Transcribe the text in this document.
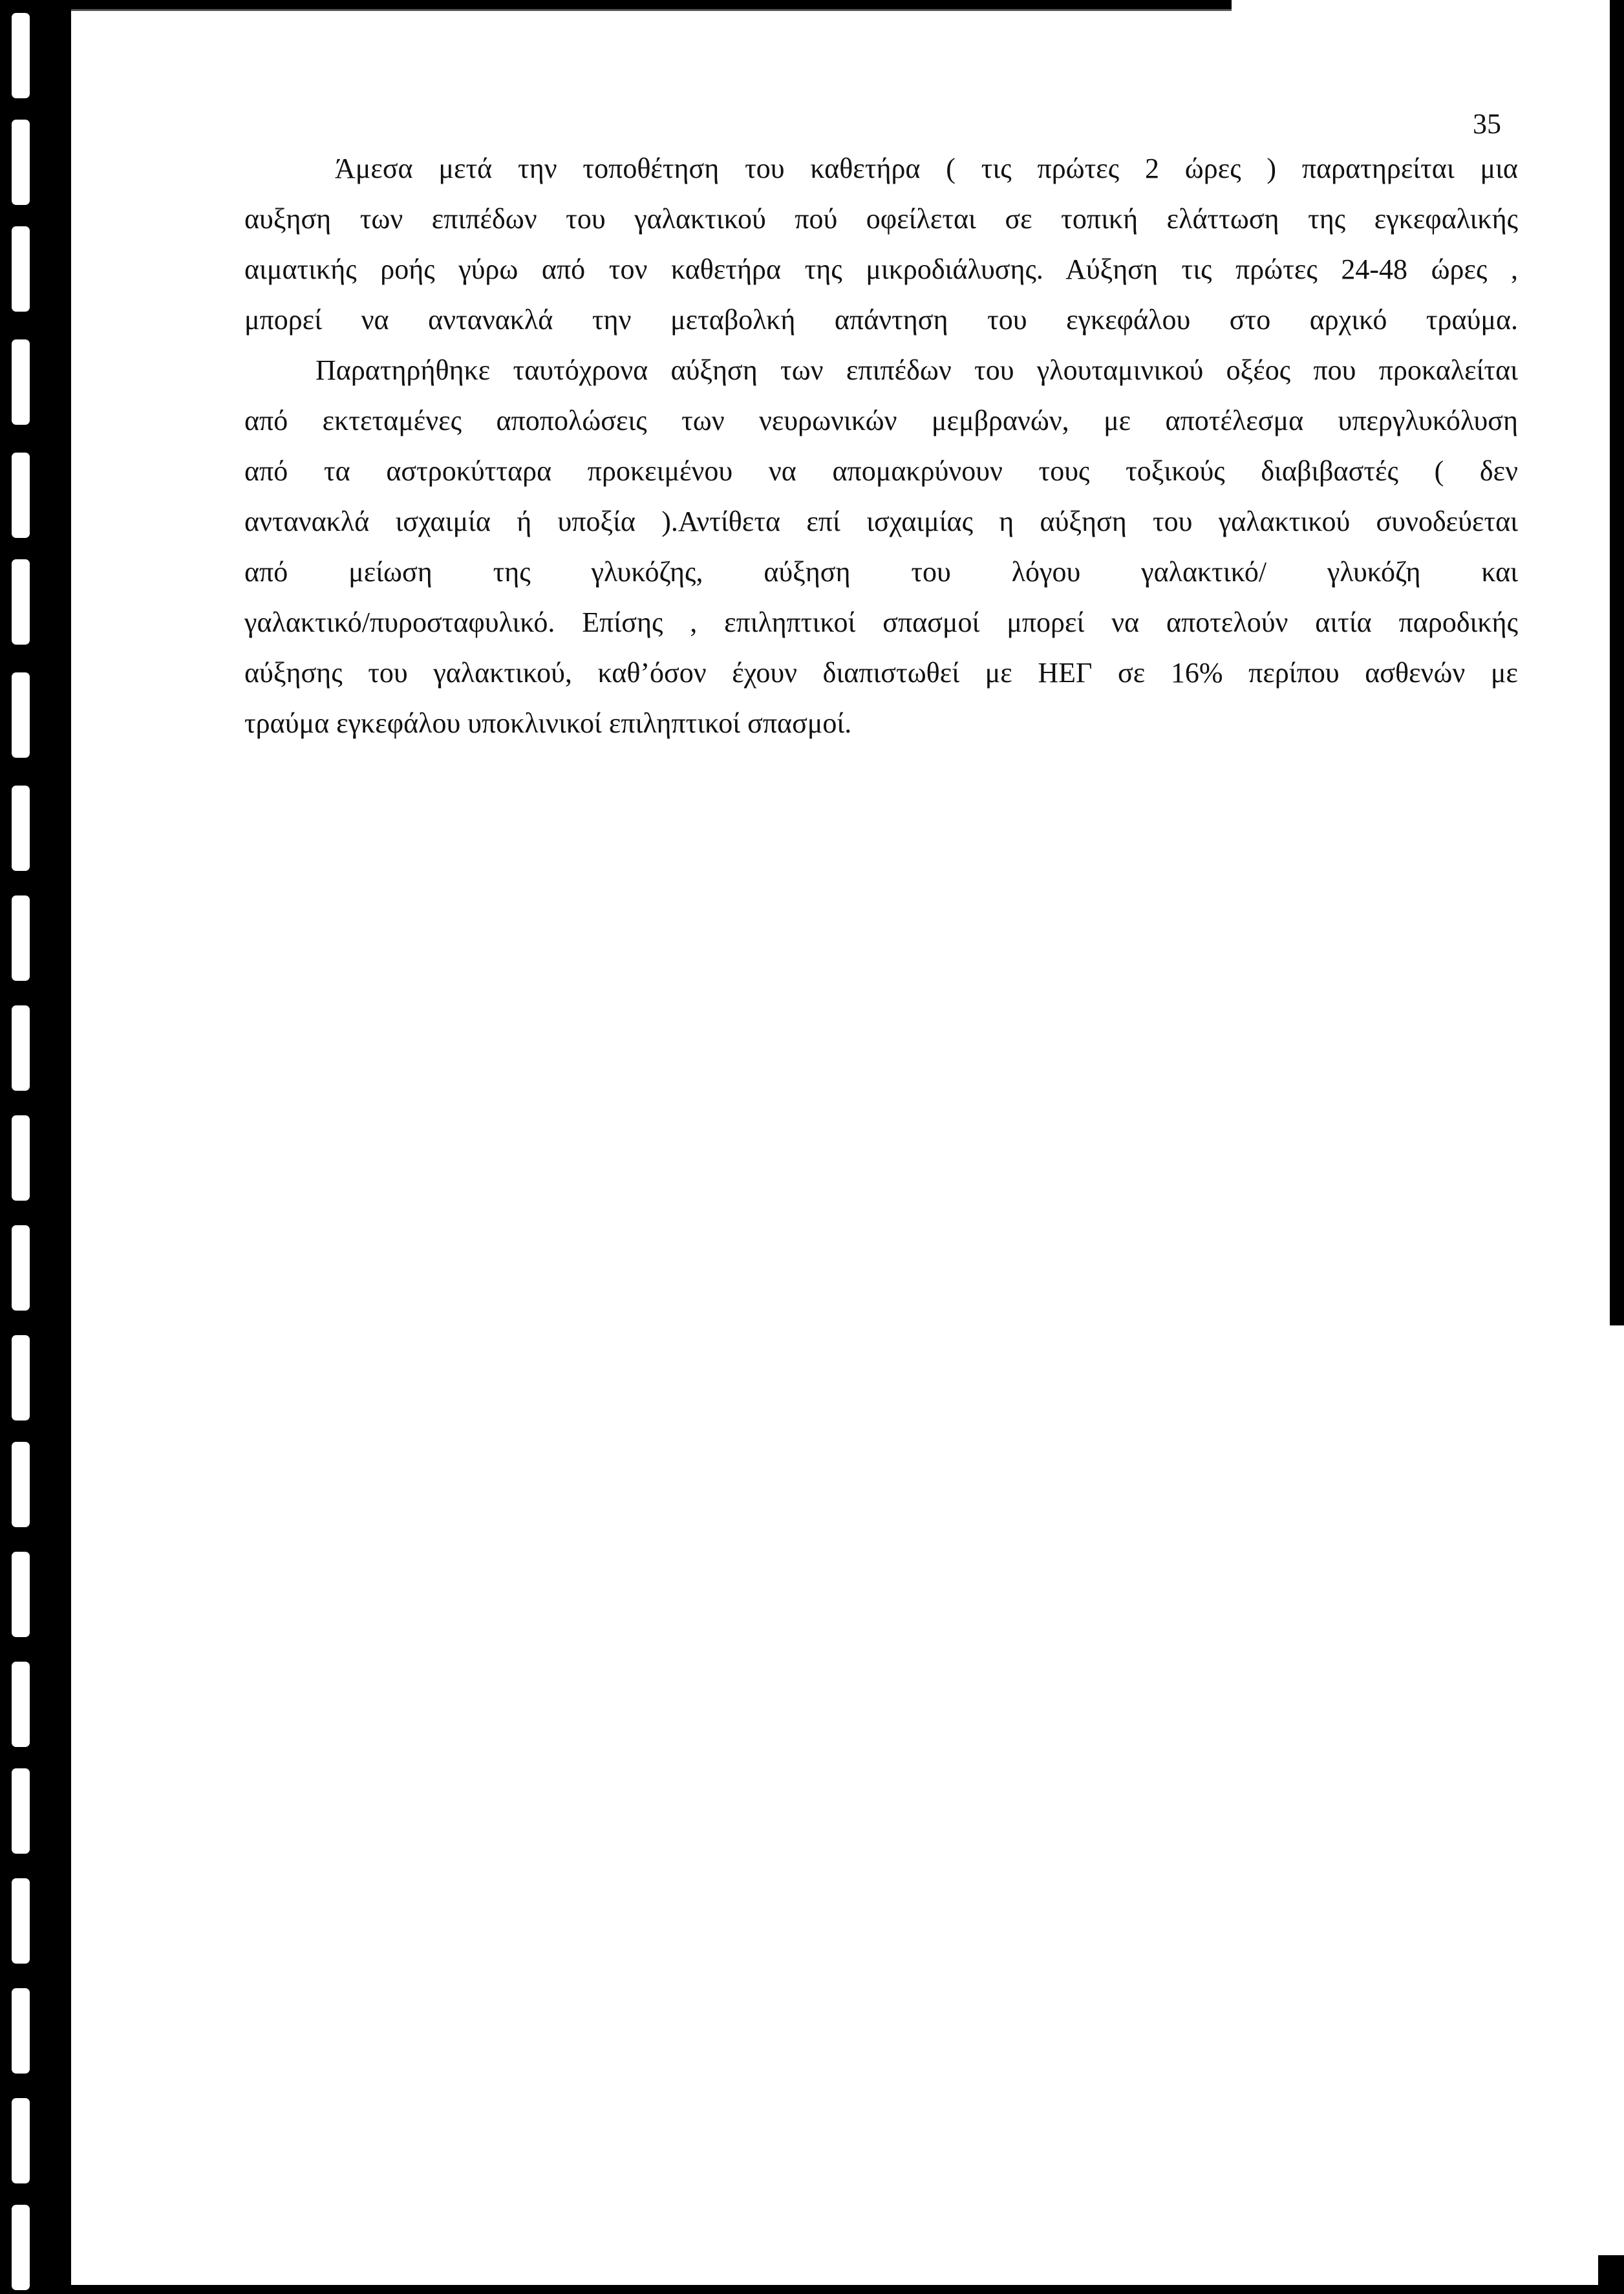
35

Άμεσα μετά την τοποθέτηση του καθετήρα ( τις πρώτες 2 ώρες ) παρατηρείται μια
αυξηση των επιπέδων του γαλακτικού πού οφείλεται σε τοπική ελάττωση της εγκεφαλικής
αιματικής ροής γύρω από τον καθετήρα της μικροδιάλυσης. Αύξηση τις πρώτες 24-48 ώρες ,
μπορεί να αντανακλά την μεταβολκή απάντηση του εγκεφάλου στο αρχικό τραύμα.
Παρατηρήθηκε ταυτόχρονα αύξηση των επιπέδων του γλουταμινικού οξέος που προκαλείται
από εκτεταμένες αποπολώσεις των νευρωνικών μεμβρανών, με αποτέλεσμα υπεργλυκόλυση
από τα αστροκύτταρα προκειμένου να απομακρύνουν τους τοξικούς διαβιβαστές ( δεν
αντανακλά ισχαιμία ή υποξία ).Αντίθετα επί ισχαιμίας η αύξηση του γαλακτικού συνοδεύεται
από μείωση της γλυκόζης, αύξηση του λόγου γαλακτικό/ γλυκόζη και
γαλακτικό/πυροσταφυλικό. Επίσης , επιληπτικοί σπασμοί μπορεί να αποτελούν αιτία παροδικής
αύξησης του γαλακτικού, καθ’όσον έχουν διαπιστωθεί με ΗΕΓ σε 16% περίπου ασθενών με
τραύμα εγκεφάλου υποκλινικοί επιληπτικοί σπασμοί.
